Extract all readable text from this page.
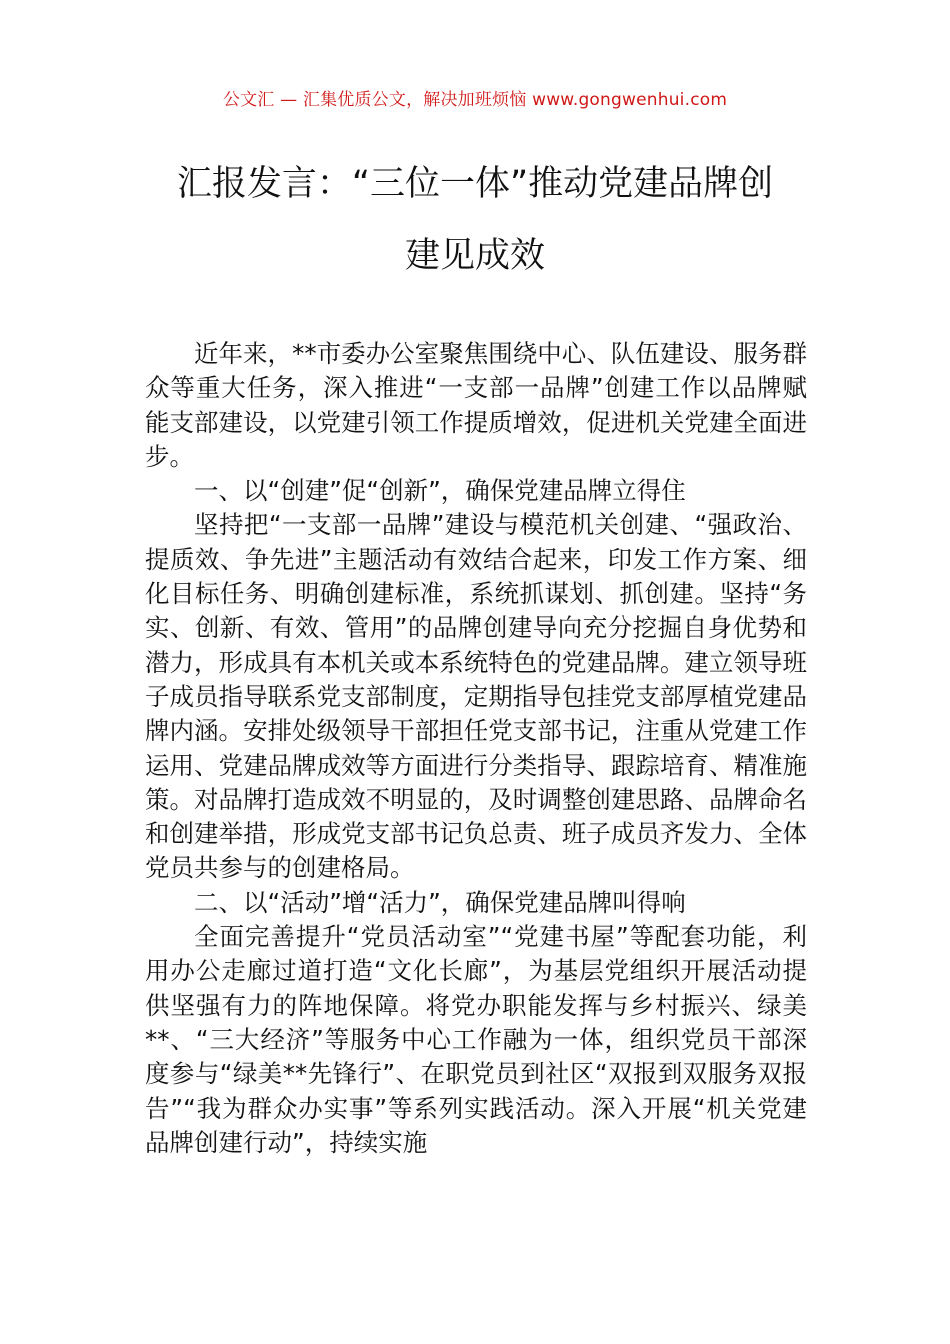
公文汇 — 汇集优质公文，解决加班烦恼 www.gongwenhui.com
汇报发言：“三位一体”推动党建品牌创
建见成效

近年来，**市委办公室聚焦围绕中心、队伍建设、服务群众等重大任务，深入推进“一支部一品牌”创建工作以品牌赋能支部建设，以党建引领工作提质增效，促进机关党建全面进步。

一、以“创建”促“创新”，确保党建品牌立得住

坚持把“一支部一品牌”建设与模范机关创建、“强政治、提质效、争先进”主题活动有效结合起来，印发工作方案、细化目标任务、明确创建标准，系统抓谋划、抓创建。坚持“务实、创新、有效、管用”的品牌创建导向充分挖掘自身优势和潜力，形成具有本机关或本系统特色的党建品牌。建立领导班子成员指导联系党支部制度，定期指导包挂党支部厚植党建品牌内涵。安排处级领导干部担任党支部书记，注重从党建工作运用、党建品牌成效等方面进行分类指导、跟踪培育、精准施策。对品牌打造成效不明显的，及时调整创建思路、品牌命名和创建举措，形成党支部书记负总责、班子成员齐发力、全体党员共参与的创建格局。

二、以“活动”增“活力”，确保党建品牌叫得响

全面完善提升“党员活动室”“党建书屋”等配套功能，利用办公走廊过道打造“文化长廊”，为基层党组织开展活动提供坚强有力的阵地保障。将党办职能发挥与乡村振兴、绿美**、“三大经济”等服务中心工作融为一体，组织党员干部深度参与“绿美**先锋行”、在职党员到社区“双报到双服务双报告”“我为群众办实事”等系列实践活动。深入开展“机关党建品牌创建行动”，持续实施
